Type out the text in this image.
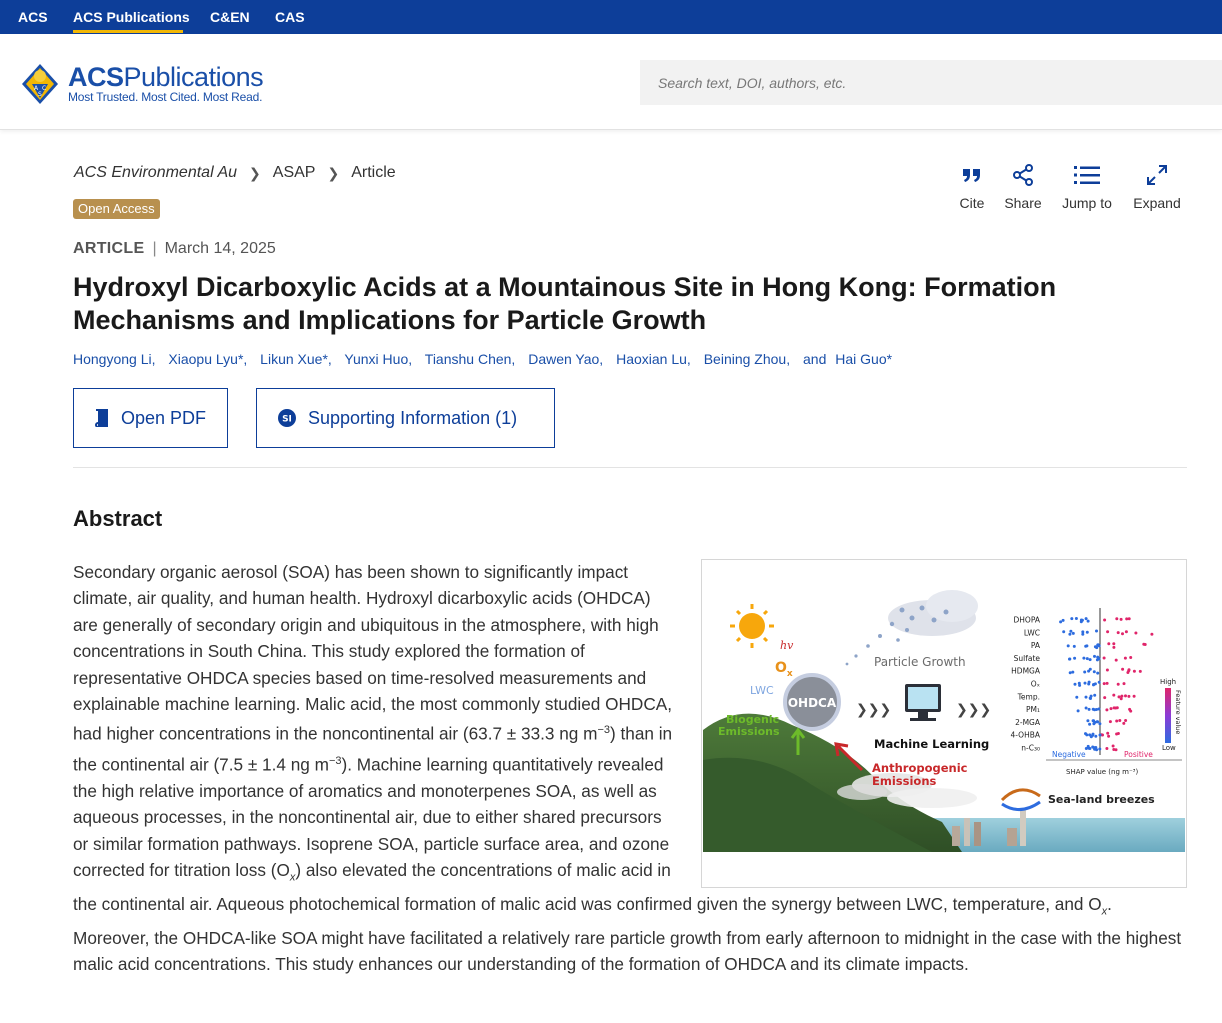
ACS ACS Publications C&EN CAS
A C
S
ACSPublications
Most Trusted. Most Cited. Most Read.
Search text, DOI, authors, etc.
ACS Environmental Au ❯ ASAP ❯ Article
Open Access	Cite Share Jump to Expand
ARTICLE | March 14, 2025
Hydroxyl Dicarboxylic Acids at a Mountainous Site in Hong Kong: Formation Mechanisms and Implications for Particle Growth
Hongyong Li, Xiaopu Lyu*, Likun Xue*, Yunxi Huo, Tianshu Chen, Dawen Yao, Haoxian Lu, Beining Zhou, and Hai Guo*
Open PDF	SI Supporting Information (1)
Abstract
Secondary organic aerosol (SOA) has been shown to significantly impact climate, air quality, and human health. Hydroxyl dicarboxylic acids (OHDCA) are generally of secondary origin and ubiquitous in the atmosphere, with high concentrations in South China. This study explored the formation of representative OHDCA species based on time-resolved measurements and explainable machine learning. Malic acid, the most commonly studied OHDCA, had higher concentrations in the noncontinental air (63.7 ± 33.3 ng $m^{-3}$) than in the continental air (7.5 ± 1.4 ng $m^{-3}$). Machine learning quantitatively revealed the high relative importance of aromatics and monoterpenes SOA, as well as aqueous processes, in the noncontinental air, due to either shared precursors or similar formation pathways. Isoprene SOA, particle surface area, and ozone corrected for titration loss $(O_x)$ also elevated the concentrations of malic acid in the continental air. Aqueous photochemical formation of malic acid was confirmed given the synergy between LWC, temperature, and $O_x$. Moreover, the OHDCA-like SOA might have facilitated a relatively rare particle growth from early afternoon to midnight in the case with the highest malic acid concentrations. This study enhances our understanding of the formation of OHDCA and its climate impacts.
hv
$O_x$
LWC
Biogenic
Emissions
OHDCA
Particle Growth
❯❯❯	❯❯❯
Machine Learning
Anthropogenic
Emissions
Sea-land breezes
DHOPA
LWC
PA
Sulfate
HDMGA
Oₓ
Temp.
PM₁
2-MGA
4-OHBA
n-C₃₀
High
Low
Feature value
Negative	Positive
SHAP value (ng m⁻³)
